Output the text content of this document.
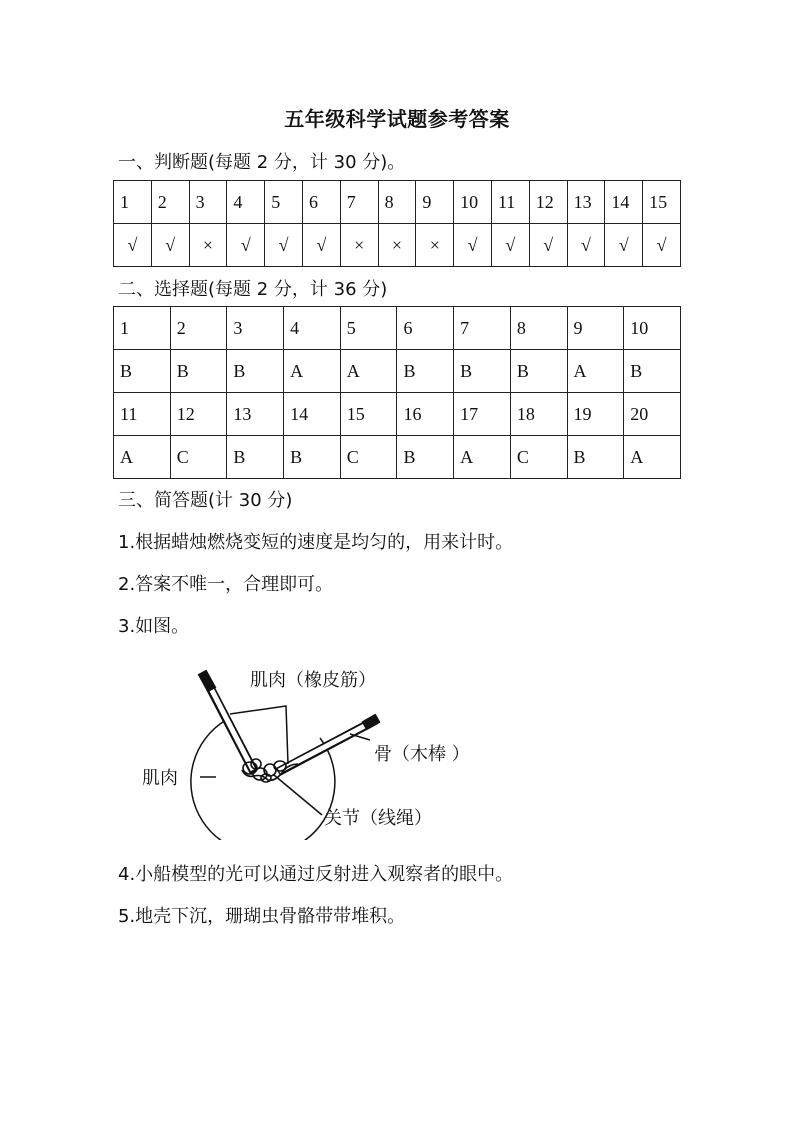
五年级科学试题参考答案
一、判断题(每题 2 分，计 30 分)。
1	2	3	4	5	6	7	8	9	10	11	12	13	14	15
√	√	×	√	√	√	×	×	×	√	√	√	√	√	√
二、选择题(每题 2 分，计 36 分)
1	2	3	4	5	6	7	8	9	10
B	B	B	A	A	B	B	B	A	B
11	12	13	14	15	16	17	18	19	20
A	C	B	B	C	B	A	C	B	A
三、简答题(计 30 分)
1.根据蜡烛燃烧变短的速度是均匀的，用来计时。
2.答案不唯一，合理即可。
3.如图。
肌肉（橡皮筋）
骨（木棒 ）
肌肉
关节（线绳）
4.小船模型的光可以通过反射进入观察者的眼中。
5.地壳下沉，珊瑚虫骨骼带带堆积。
